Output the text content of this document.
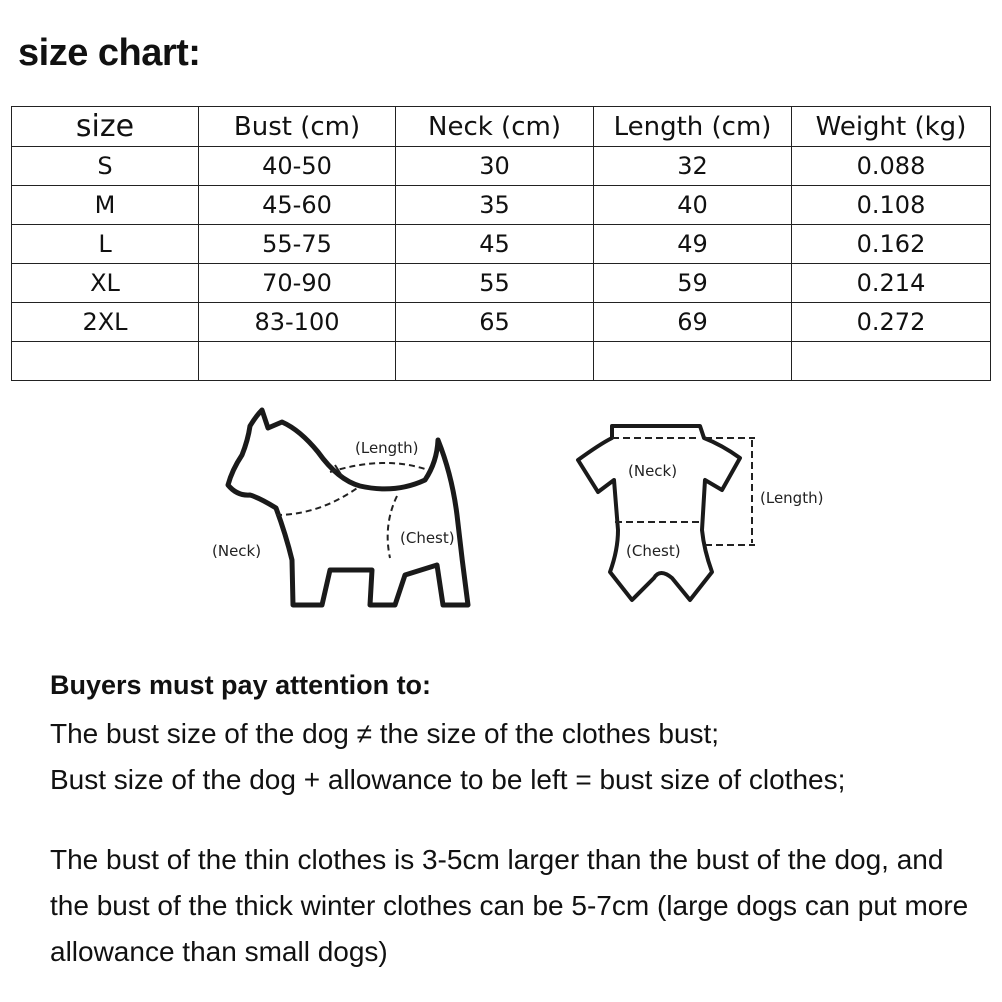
size chart:
size	Bust (cm)	Neck (cm)	Length (cm)	Weight (kg)
S	40-50	30	32	0.088
M	45-60	35	40	0.108
L	55-75	45	49	0.162
XL	70-90	55	59	0.214
2XL	83-100	65	69	0.272

(Length)
(Neck)
(Chest)
(Neck)
(Length)
(Chest)
Buyers must pay attention to:
The bust size of the dog ≠ the size of the clothes bust;
Bust size of the dog + allowance to be left = bust size of clothes;
The bust of the thin clothes is 3-5cm larger than the bust of the dog, and the bust of the thick winter clothes can be 5-7cm (large dogs can put more allowance than small dogs)
